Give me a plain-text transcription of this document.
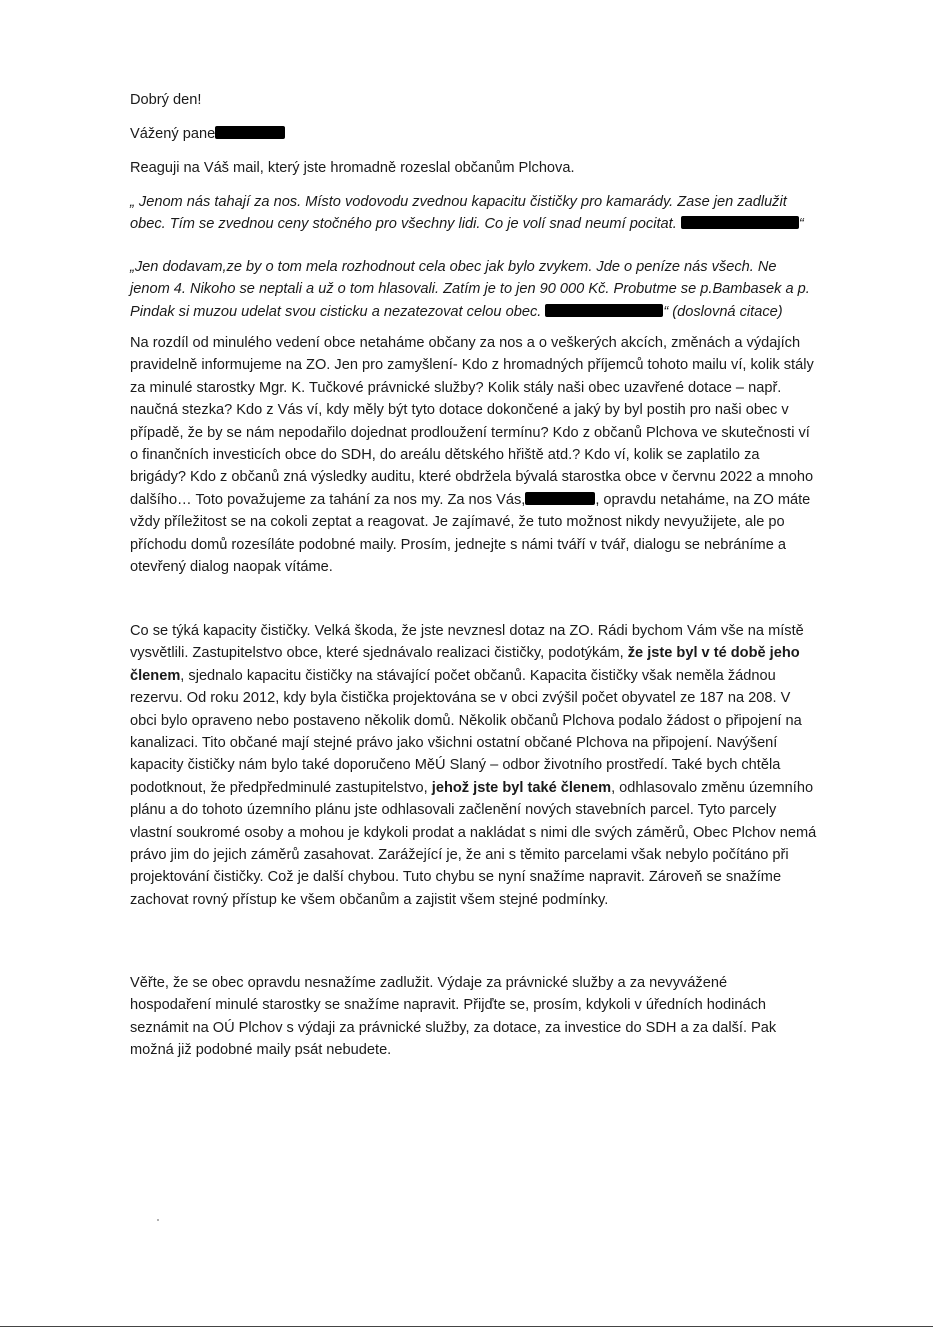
Dobrý den!

Vážený pane

Reaguji na Váš mail, který jste hromadně rozeslal občanům Plchova.

„ Jenom nás tahají za nos. Místo vodovodu zvednou kapacitu čističky pro kamarády. Zase jen zadlužit obec. Tím se zvednou ceny stočného pro všechny lidi. Co je volí snad neumí pocitat.	“

„Jen dodavam,ze by o tom mela rozhodnout cela obec jak bylo zvykem. Jde o peníze nás všech. Ne jenom 4. Nikoho se neptali a už o tom hlasovali. Zatím je to jen 90 000 Kč. Probutme se p.Bambasek a p. Pindak si muzou udelat svou cisticku a nezatezovat celou obec.	“ (doslovná citace)

Na rozdíl od minulého vedení obce netaháme občany za nos a o veškerých akcích, změnách a výdajích pravidelně informujeme na ZO. Jen pro zamyšlení- Kdo z hromadných příjemců tohoto mailu ví, kolik stály za minulé starostky Mgr. K. Tučkové právnické služby? Kolik stály naši obec uzavřené dotace – např. naučná stezka? Kdo z Vás ví, kdy měly být tyto dotace dokončené a jaký by byl postih pro naši obec v případě, že by se nám nepodařilo dojednat prodloužení termínu? Kdo z občanů Plchova ve skutečnosti ví o finančních investicích obce do SDH, do areálu dětského hřiště atd.? Kdo ví, kolik se zaplatilo za brigády? Kdo z občanů zná výsledky auditu, které obdržela bývalá starostka obce v červnu 2022 a mnoho dalšího… Toto považujeme za tahání za nos my. Za nos Vás,	, opravdu netaháme, na ZO máte vždy příležitost se na cokoli zeptat a reagovat. Je zajímavé, že tuto možnost nikdy nevyužijete, ale po příchodu domů rozesíláte podobné maily. Prosím, jednejte s námi tváří v tvář, dialogu se nebráníme a otevřený dialog naopak vítáme.

Co se týká kapacity čističky. Velká škoda, že jste nevznesl dotaz na ZO. Rádi bychom Vám vše na místě vysvětlili. Zastupitelstvo obce, které sjednávalo realizaci čističky, podotýkám, že jste byl v té době jeho členem, sjednalo kapacitu čističky na stávající počet občanů. Kapacita čističky však neměla žádnou rezervu. Od roku 2012, kdy byla čistička projektována se v obci zvýšil počet obyvatel ze 187 na 208. V obci bylo opraveno nebo postaveno několik domů. Několik občanů Plchova podalo žádost o připojení na kanalizaci. Tito občané mají stejné právo jako všichni ostatní občané Plchova na připojení. Navýšení kapacity čističky nám bylo také doporučeno MěÚ Slaný – odbor životního prostředí. Také bych chtěla podotknout, že předpředminulé zastupitelstvo, jehož jste byl také členem, odhlasovalo změnu územního plánu a do tohoto územního plánu jste odhlasovali začlenění nových stavebních parcel. Tyto parcely vlastní soukromé osoby a mohou je kdykoli prodat a nakládat s nimi dle svých záměrů, Obec Plchov nemá právo jim do jejich záměrů zasahovat. Zarážející je, že ani s těmito parcelami však nebylo počítáno při projektování čističky. Což je další chybou. Tuto chybu se nyní snažíme napravit. Zároveň se snažíme zachovat rovný přístup ke všem občanům a zajistit všem stejné podmínky.

Věřte, že se obec opravdu nesnažíme zadlužit. Výdaje za právnické služby a za nevyvážené hospodaření minulé starostky se snažíme napravit. Přijďte se, prosím, kdykoli v úředních hodinách seznámit na OÚ Plchov s výdaji za právnické služby, za dotace, za investice do SDH a za další. Pak možná již podobné maily psát nebudete.
